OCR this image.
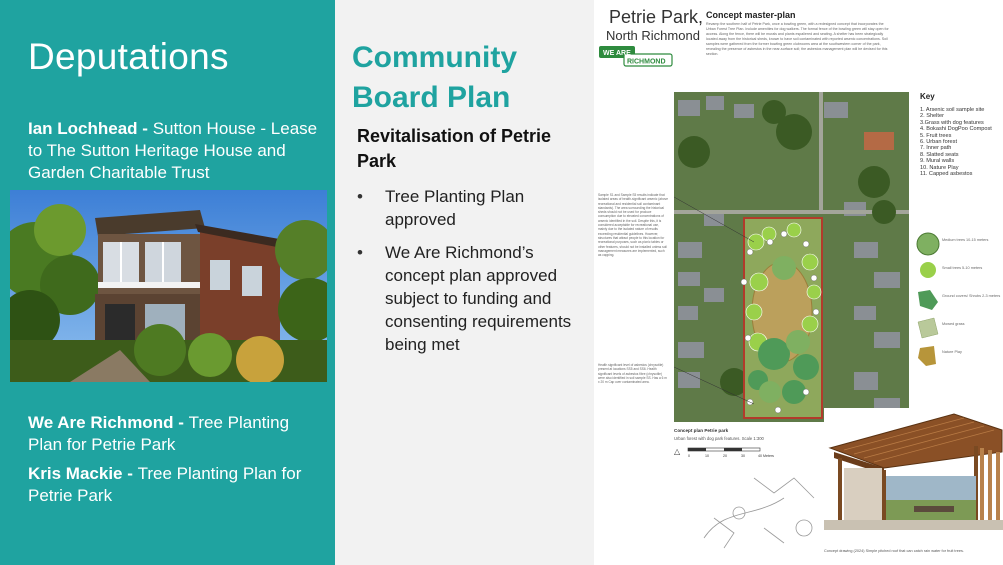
Deputations
Ian Lochhead - Sutton House - Lease to The Sutton Heritage House and Garden Charitable Trust
We Are Richmond - Tree Planting Plan for Petrie Park
Kris Mackie - Tree Planting Plan for Petrie Park
Community Board Plan
Revitalisation of Petrie Park
• Tree Planting Plan approved
• We Are Richmond’s concept plan approved subject to funding and consenting requirements being met
Petrie Park,
North Richmond
WE ARE
RICHMOND
Concept master-plan
Revamp the southern half of Petrie Park, once a bowling green, with a redesigned concept that incorporates the Urban Forest Tree Plan. Include amenities for dog walkers. The formal fence of the bowling green will stay open for access. Along the fence, there will be murals and plants espaliered and seating. A shelter has been strategically located away from the historical sheds, known to have soil contaminated with reported arsenic concentrations. Soil samples were gathered from the former bowling green clubrooms area at the southwestern corner of the park, revealing the presence of asbestos in the near-surface soil; the asbestos management plan will be devised for this section.
Sample S1 and Sample S5 results indicate that isolated areas of health-significant arsenic (above recreational and residential soil contaminant standards). The area surrounding the historical sheds should not be used for produce consumption due to elevated concentrations of arsenic identified in the soil. Despite this, it is considered acceptable for recreational use, mainly due to the isolated nature of results exceeding residential guidelines. However, structures that attract people to this location for recreational purposes, such as picnic tables or other features, should not be installed unless soil management measures are implemented, such as capping.
Health significant level of asbestos (chrysotile) present at locations SS5 and SS6. Health significant levels of asbestos fibre (chrysotile) were also identified in soil sample SS. Has a 6 m x 20 m Cap over contaminated area.
Key
1. Arsenic soil sample site
2. Shelter
3.Grass with dog features
4. Bokashi DogPoo Compost
5. Fruit trees
6. Urban forest
7. Inner path
8. Slatted seats
9. Mural walls
10. Nature Play
11. Capped asbestos
Medium trees 10-15 meters
Small trees 5-10 meters
Ground covers/ Shrubs 2-3 meters
Mowed grass
Nature Play
Concept plan Petrie park
Urban forest with dog park features. Scale 1:300
△ 0	10	20	30	40 Meters
Concept drawing (2024) Simple pitched roof that can catch rain water for fruit trees.
